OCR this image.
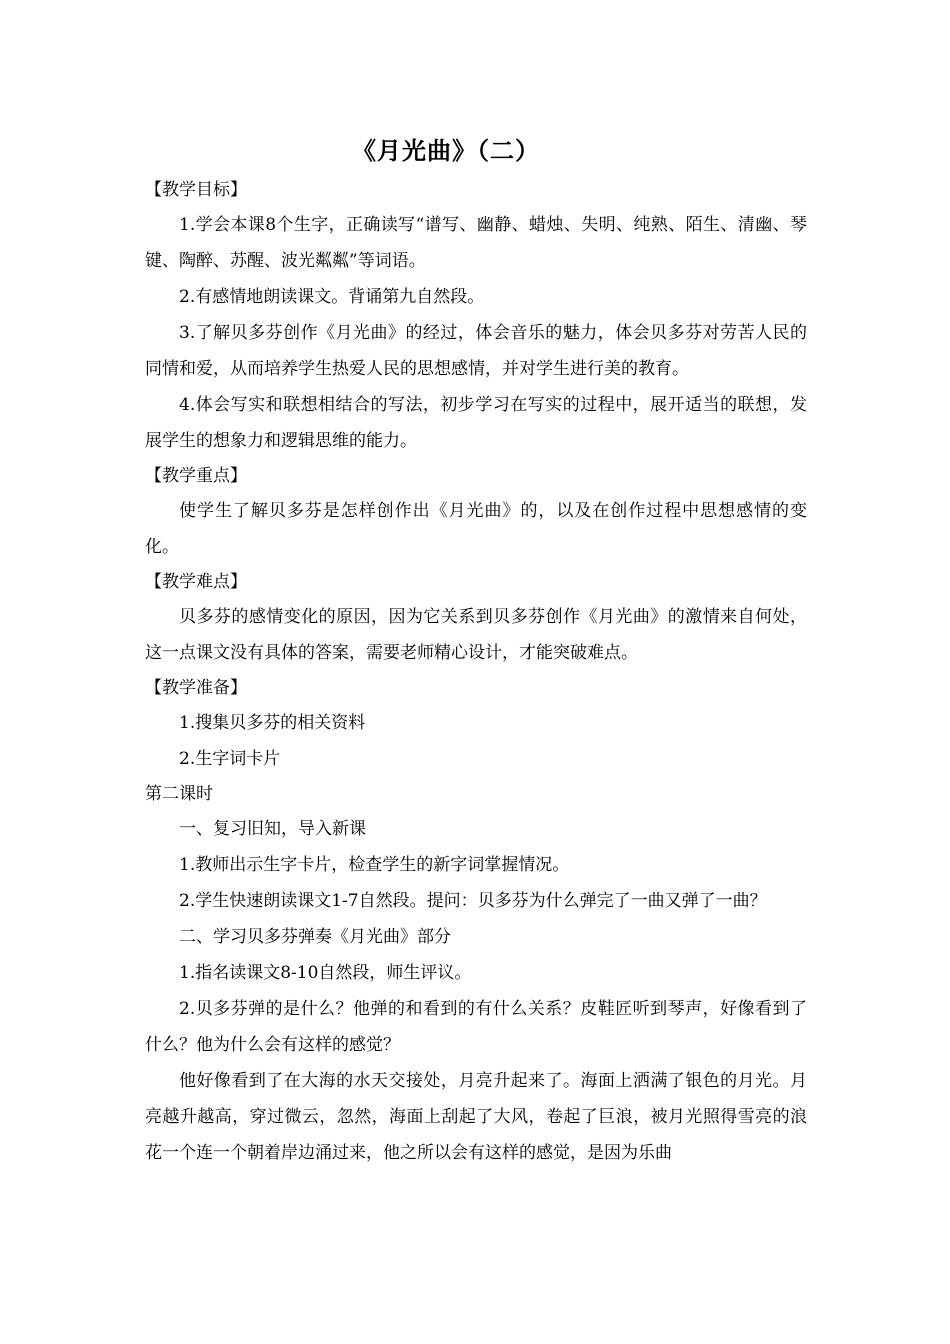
《月光曲》（二）

【教学目标】

1.学会本课8个生字，正确读写“谱写、幽静、蜡烛、失明、纯熟、陌生、清幽、琴键、陶醉、苏醒、波光粼粼”等词语。

2.有感情地朗读课文。背诵第九自然段。

3.了解贝多芬创作《月光曲》的经过，体会音乐的魅力，体会贝多芬对劳苦人民的同情和爱，从而培养学生热爱人民的思想感情，并对学生进行美的教育。

4.体会写实和联想相结合的写法，初步学习在写实的过程中，展开适当的联想，发展学生的想象力和逻辑思维的能力。

【教学重点】

使学生了解贝多芬是怎样创作出《月光曲》的，以及在创作过程中思想感情的变化。

【教学难点】

贝多芬的感情变化的原因，因为它关系到贝多芬创作《月光曲》的激情来自何处，这一点课文没有具体的答案，需要老师精心设计，才能突破难点。

【教学准备】

1.搜集贝多芬的相关资料

2.生字词卡片

第二课时

一、复习旧知，导入新课

1.教师出示生字卡片，检查学生的新字词掌握情况。

2.学生快速朗读课文1-7自然段。提问：贝多芬为什么弹完了一曲又弹了一曲？

二、学习贝多芬弹奏《月光曲》部分

1.指名读课文8-10自然段，师生评议。

2.贝多芬弹的是什么？他弹的和看到的有什么关系？皮鞋匠听到琴声，好像看到了什么？他为什么会有这样的感觉？

他好像看到了在大海的水天交接处，月亮升起来了。海面上洒满了银色的月光。月亮越升越高，穿过微云，忽然，海面上刮起了大风，卷起了巨浪，被月光照得雪亮的浪花一个连一个朝着岸边涌过来，他之所以会有这样的感觉，是因为乐曲
